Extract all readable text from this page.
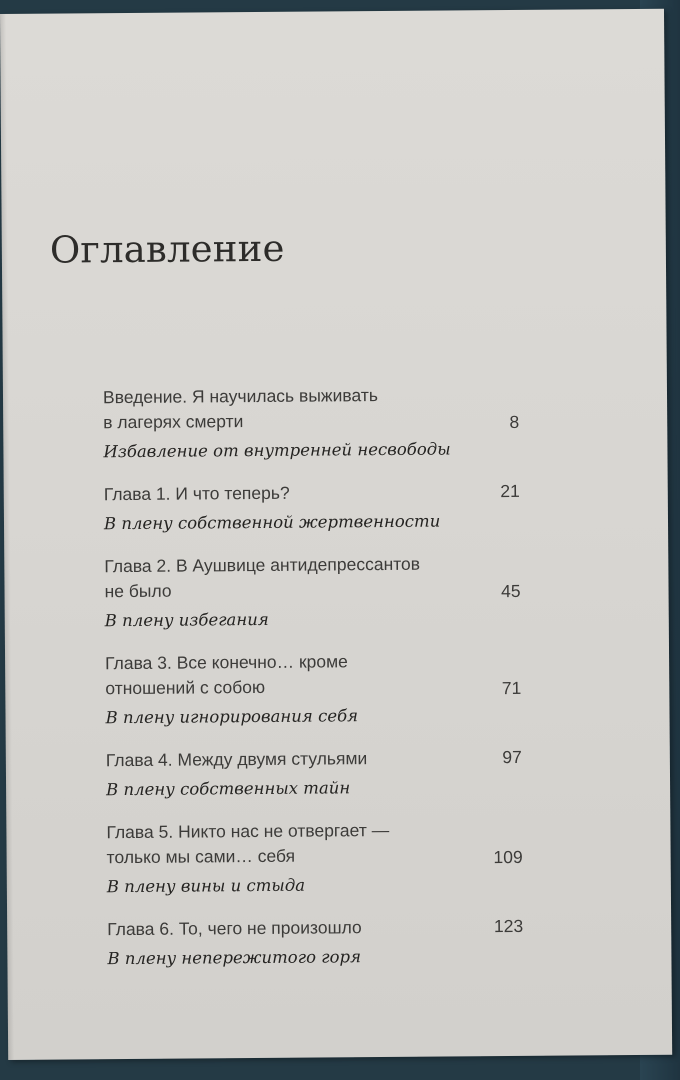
Оглавление
Введение. Я научилась выживать
в лагерях смерти	8
Избавление от внутренней несвободы
Глава 1. И что теперь?	21
В плену собственной жертвенности
Глава 2. В Аушвице антидепрессантов
не было	45
В плену избегания
Глава 3. Все конечно… кроме
отношений с собою	71
В плену игнорирования себя
Глава 4. Между двумя стульями	97
В плену собственных тайн
Глава 5. Никто нас не отвергает —
только мы сами… себя	109
В плену вины и стыда
Глава 6. То, чего не произошло	123
В плену непережитого горя
